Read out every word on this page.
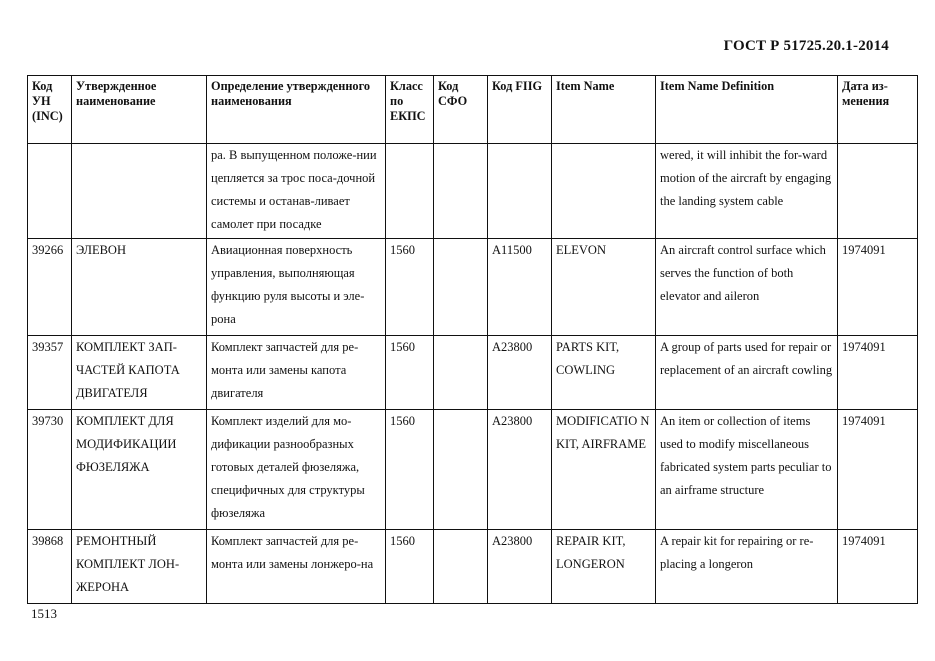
ГОСТ Р 51725.20.1-2014
Код УН (INC)	Утвержденное наименование	Определение утвержденного наименования	Класс по ЕКПС	Код СФО	Код FIIG	Item Name	Item Name Definition	Дата из-менения
		ра. В выпущенном положе-нии цепляется за трос поса-дочной системы и останав-ливает самолет при посадке					wered, it will inhibit the for-ward motion of the aircraft by engaging the landing system cable	
39266	ЭЛЕВОН	Авиационная поверхность управления, выполняющая функцию руля высоты и эле-рона	1560		A11500	ELEVON	An aircraft control surface which serves the function of both elevator and aileron	1974091
39357	КОМПЛЕКТ ЗАП-ЧАСТЕЙ КАПОТА ДВИГАТЕЛЯ	Комплект запчастей для ре-монта или замены капота двигателя	1560		A23800	PARTS KIT, COWLING	A group of parts used for repair or replacement of an aircraft cowling	1974091
39730	КОМПЛЕКТ ДЛЯ МОДИФИКАЦИИ ФЮЗЕЛЯЖА	Комплект изделий для мо-дификации разнообразных готовых деталей фюзеляжа, специфичных для структуры фюзеляжа	1560		A23800	MODIFICATIO N KIT, AIRFRAME	An item or collection of items used to modify miscellaneous fabricated system parts peculiar to an airframe structure	1974091
39868	РЕМОНТНЫЙ КОМПЛЕКТ ЛОН-ЖЕРОНА	Комплект запчастей для ре-монта или замены лонжеро-на	1560		A23800	REPAIR KIT, LONGERON	A repair kit for repairing or re-placing a longeron	1974091
1513
